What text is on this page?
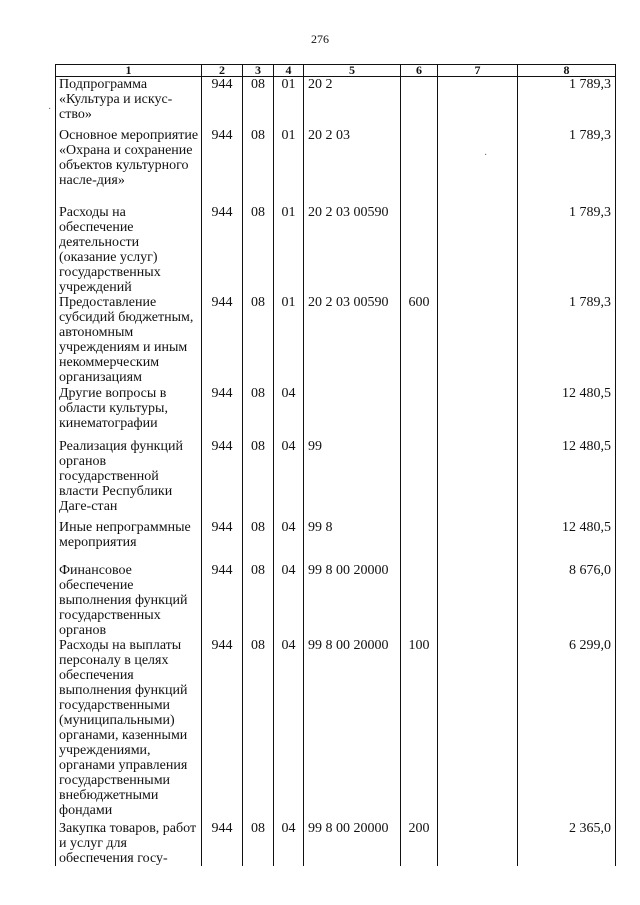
276
·
·
1	2	3	4	5	6	7	8
Подпрограмма «Культура и искус-ство»	944	08	01	20 2			1 789,3
Основное мероприятие «Охрана и сохранение объектов культурного насле-дия»	944	08	01	20 2 03			1 789,3
Расходы на обеспечение деятельности (оказание услуг) государственных учреждений	944	08	01	20 2 03 00590			1 789,3
Предоставление субсидий бюджетным, автономным учреждениям и иным некоммерческим организациям	944	08	01	20 2 03 00590	600		1 789,3
Другие вопросы в области культуры, кинематографии	944	08	04				12 480,5
Реализация функций органов государственной власти Республики Даге-стан	944	08	04	99			12 480,5
Иные непрограммные мероприятия	944	08	04	99 8			12 480,5
Финансовое обеспечение выполнения функций государственных органов	944	08	04	99 8 00 20000			8 676,0
Расходы на выплаты персоналу в целях обеспечения выполнения функций государственными (муниципальными) органами, казенными учреждениями, органами управления государственными внебюджетными фондами	944	08	04	99 8 00 20000	100		6 299,0
Закупка товаров, работ и услуг для обеспечения госу-	944	08	04	99 8 00 20000	200		2 365,0
